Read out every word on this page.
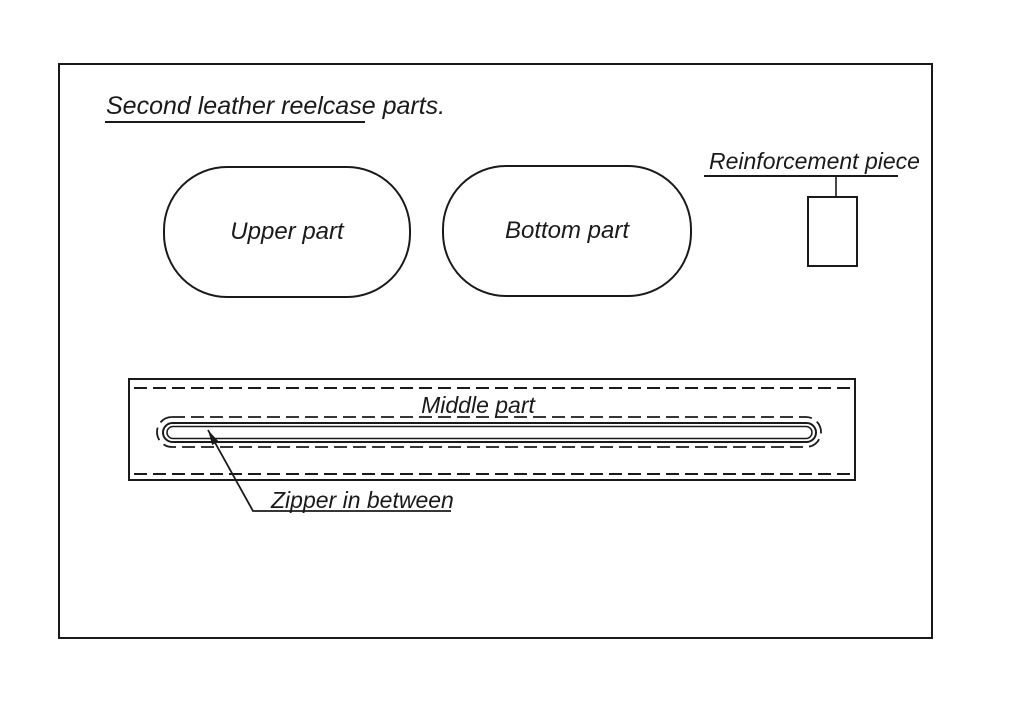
Second leather reelcase parts.
Upper part	Bottom part
Reinforcement piece
Middle part
Zipper in between
